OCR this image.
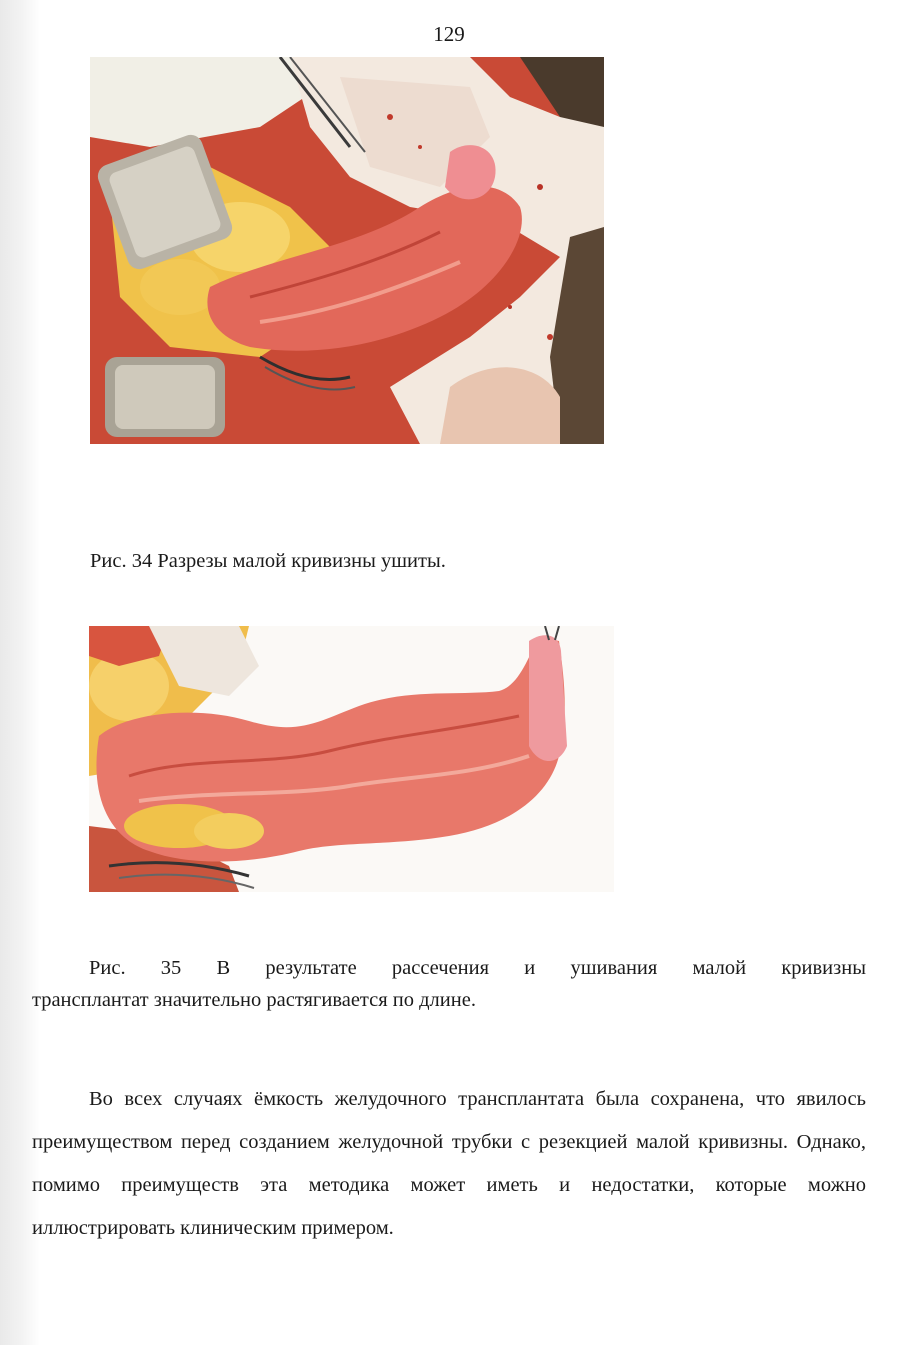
129
Рис. 34 Разрезы малой кривизны ушиты.
Рис. 35 В результате рассечения и ушивания малой кривизны
трансплантат значительно растягивается по длине.
Во всех случаях ёмкость желудочного трансплантата была сохранена, что явилось преимуществом перед созданием желудочной трубки с резекцией малой кривизны. Однако, помимо преимуществ эта методика может иметь и недостатки, которые можно иллюстрировать клиническим примером.
